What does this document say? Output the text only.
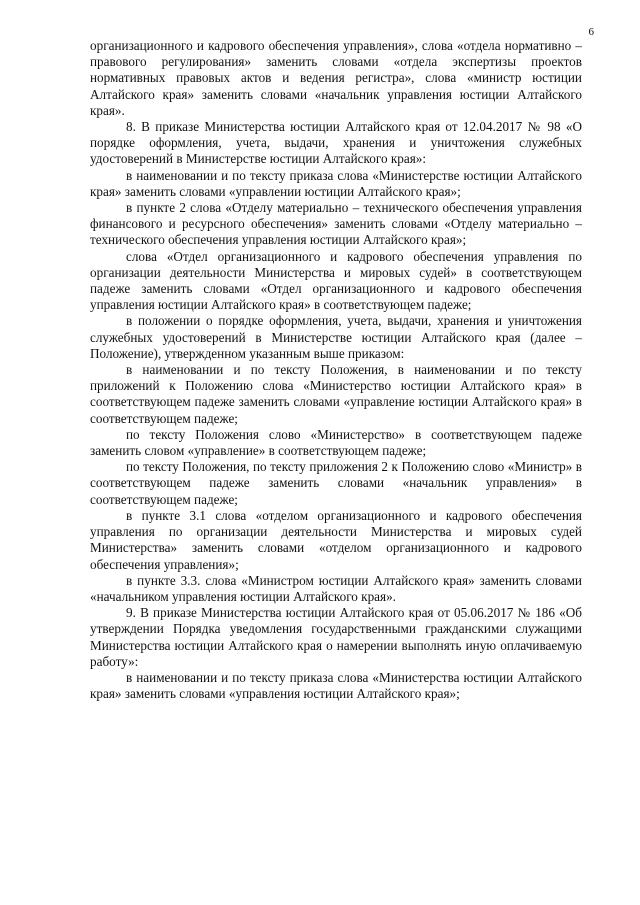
6

организационного и кадрового обеспечения управления», слова «отдела нормативно – правового регулирования» заменить словами «отдела экспертизы проектов нормативных правовых актов и ведения регистра», слова «министр юстиции Алтайского края» заменить словами «начальник управления юстиции Алтайского края».

8. В приказе Министерства юстиции Алтайского края от 12.04.2017 № 98 «О порядке оформления, учета, выдачи, хранения и уничтожения служебных удостоверений в Министерстве юстиции Алтайского края»:

в наименовании и по тексту приказа слова «Министерстве юстиции Алтайского края» заменить словами «управлении юстиции Алтайского края»;

в пункте 2 слова «Отделу материально – технического обеспечения управления финансового и ресурсного обеспечения» заменить словами «Отделу материально – технического обеспечения управления юстиции Алтайского края»;

слова «Отдел организационного и кадрового обеспечения управления по организации деятельности Министерства и мировых судей» в соответствующем падеже заменить словами «Отдел организационного и кадрового обеспечения управления юстиции Алтайского края» в соответствующем падеже;

в положении о порядке оформления, учета, выдачи, хранения и уничтожения служебных удостоверений в Министерстве юстиции Алтайского края (далее – Положение), утвержденном указанным выше приказом:

в наименовании и по тексту Положения, в наименовании и по тексту приложений к Положению слова «Министерство юстиции Алтайского края» в соответствующем падеже заменить словами «управление юстиции Алтайского края» в соответствующем падеже;

по тексту Положения слово «Министерство» в соответствующем падеже заменить словом «управление» в соответствующем падеже;

по тексту Положения, по тексту приложения 2 к Положению слово «Министр» в соответствующем падеже заменить словами «начальник управления» в соответствующем падеже;

в пункте 3.1 слова «отделом организационного и кадрового обеспечения управления по организации деятельности Министерства и мировых судей Министерства» заменить словами «отделом организационного и кадрового обеспечения управления»;

в пункте 3.3. слова «Министром юстиции Алтайского края» заменить словами «начальником управления юстиции Алтайского края».

9. В приказе Министерства юстиции Алтайского края от 05.06.2017 № 186 «Об утверждении Порядка уведомления государственными гражданскими служащими Министерства юстиции Алтайского края о намерении выполнять иную оплачиваемую работу»:

в наименовании и по тексту приказа слова «Министерства юстиции Алтайского края» заменить словами «управления юстиции Алтайского края»;
